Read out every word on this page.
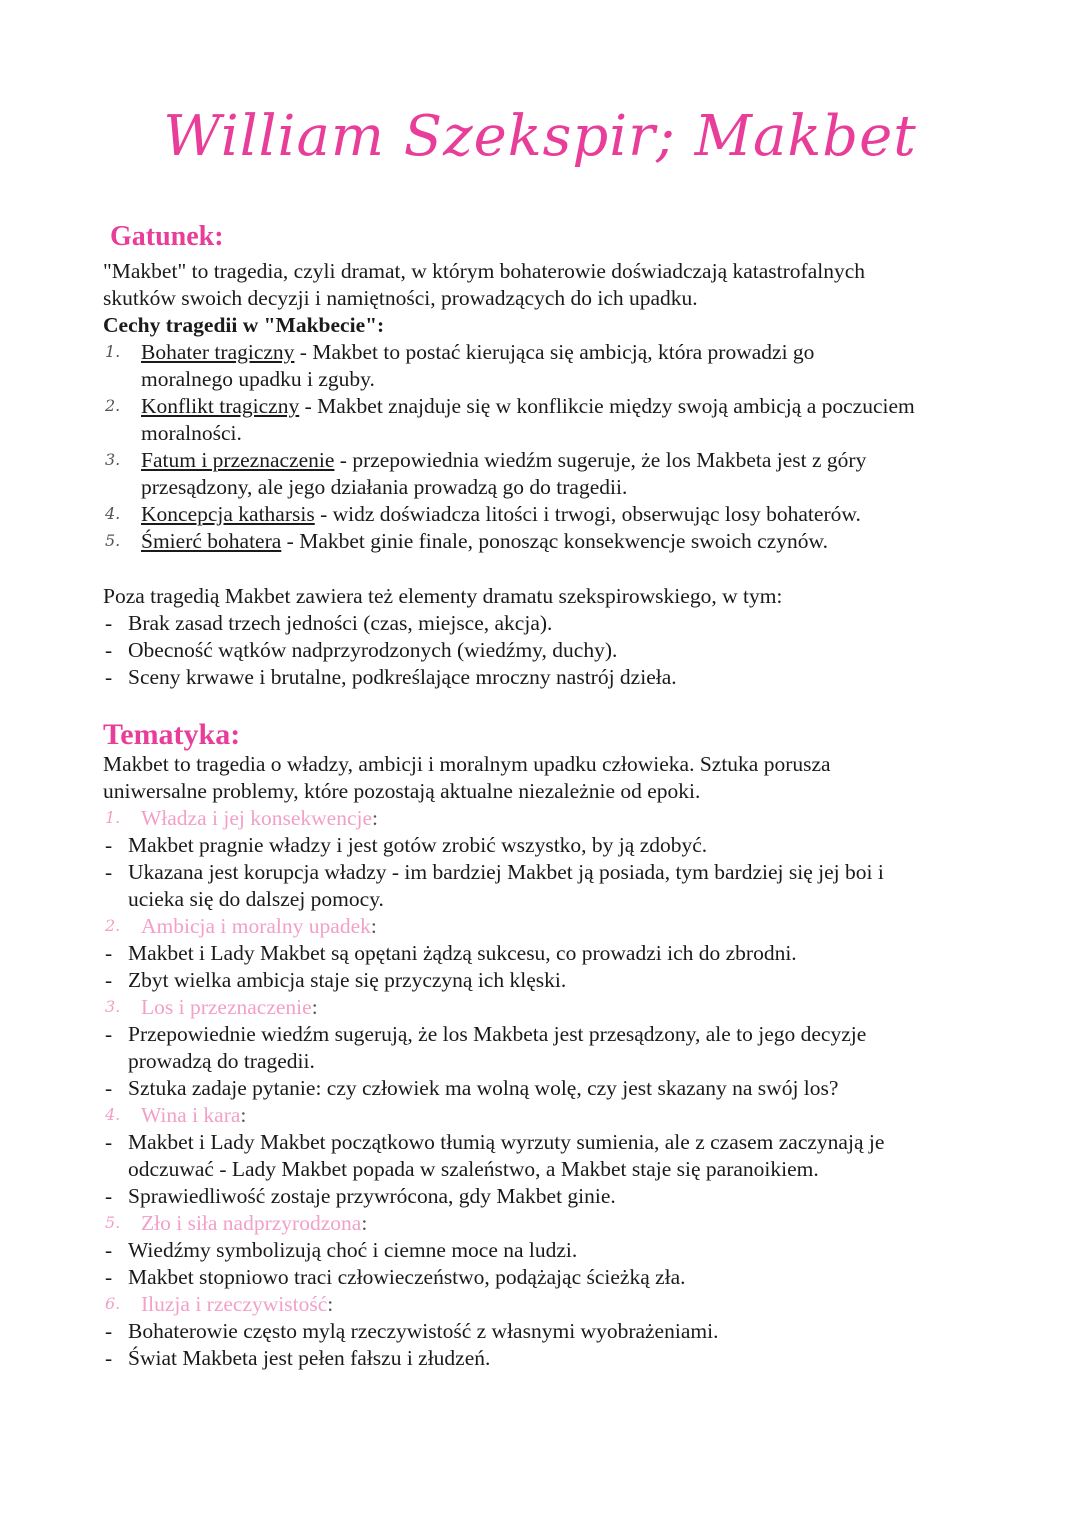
William Szekspir; Makbet
Gatunek:
"Makbet" to tragedia, czyli dramat, w którym bohaterowie doświadczają katastrofalnych
skutków swoich decyzji i namiętności, prowadzących do ich upadku.
Cechy tragedii w "Makbecie":
1. Bohater tragiczny - Makbet to postać kierująca się ambicją, która prowadzi go
moralnego upadku i zguby.
2. Konflikt tragiczny - Makbet znajduje się w konflikcie między swoją ambicją a poczuciem
moralności.
3. Fatum i przeznaczenie - przepowiednia wiedźm sugeruje, że los Makbeta jest z góry
przesądzony, ale jego działania prowadzą go do tragedii.
4. Koncepcja katharsis - widz doświadcza litości i trwogi, obserwując losy bohaterów.
5. Śmierć bohatera - Makbet ginie finale, ponosząc konsekwencje swoich czynów.
Poza tragedią Makbet zawiera też elementy dramatu szekspirowskiego, w tym:
- Brak zasad trzech jedności (czas, miejsce, akcja).
- Obecność wątków nadprzyrodzonych (wiedźmy, duchy).
- Sceny krwawe i brutalne, podkreślające mroczny nastrój dzieła.
Tematyka:
Makbet to tragedia o władzy, ambicji i moralnym upadku człowieka. Sztuka porusza
uniwersalne problemy, które pozostają aktualne niezależnie od epoki.
1. Władza i jej konsekwencje:
- Makbet pragnie władzy i jest gotów zrobić wszystko, by ją zdobyć.
- Ukazana jest korupcja władzy - im bardziej Makbet ją posiada, tym bardziej się jej boi i
ucieka się do dalszej pomocy.
2. Ambicja i moralny upadek:
- Makbet i Lady Makbet są opętani żądzą sukcesu, co prowadzi ich do zbrodni.
- Zbyt wielka ambicja staje się przyczyną ich klęski.
3. Los i przeznaczenie:
- Przepowiednie wiedźm sugerują, że los Makbeta jest przesądzony, ale to jego decyzje
prowadzą do tragedii.
- Sztuka zadaje pytanie: czy człowiek ma wolną wolę, czy jest skazany na swój los?
4. Wina i kara:
- Makbet i Lady Makbet początkowo tłumią wyrzuty sumienia, ale z czasem zaczynają je
odczuwać - Lady Makbet popada w szaleństwo, a Makbet staje się paranoikiem.
- Sprawiedliwość zostaje przywrócona, gdy Makbet ginie.
5. Zło i siła nadprzyrodzona:
- Wiedźmy symbolizują choć i ciemne moce na ludzi.
- Makbet stopniowo traci człowieczeństwo, podążając ścieżką zła.
6. Iluzja i rzeczywistość:
- Bohaterowie często mylą rzeczywistość z własnymi wyobrażeniami.
- Świat Makbeta jest pełen fałszu i złudzeń.
